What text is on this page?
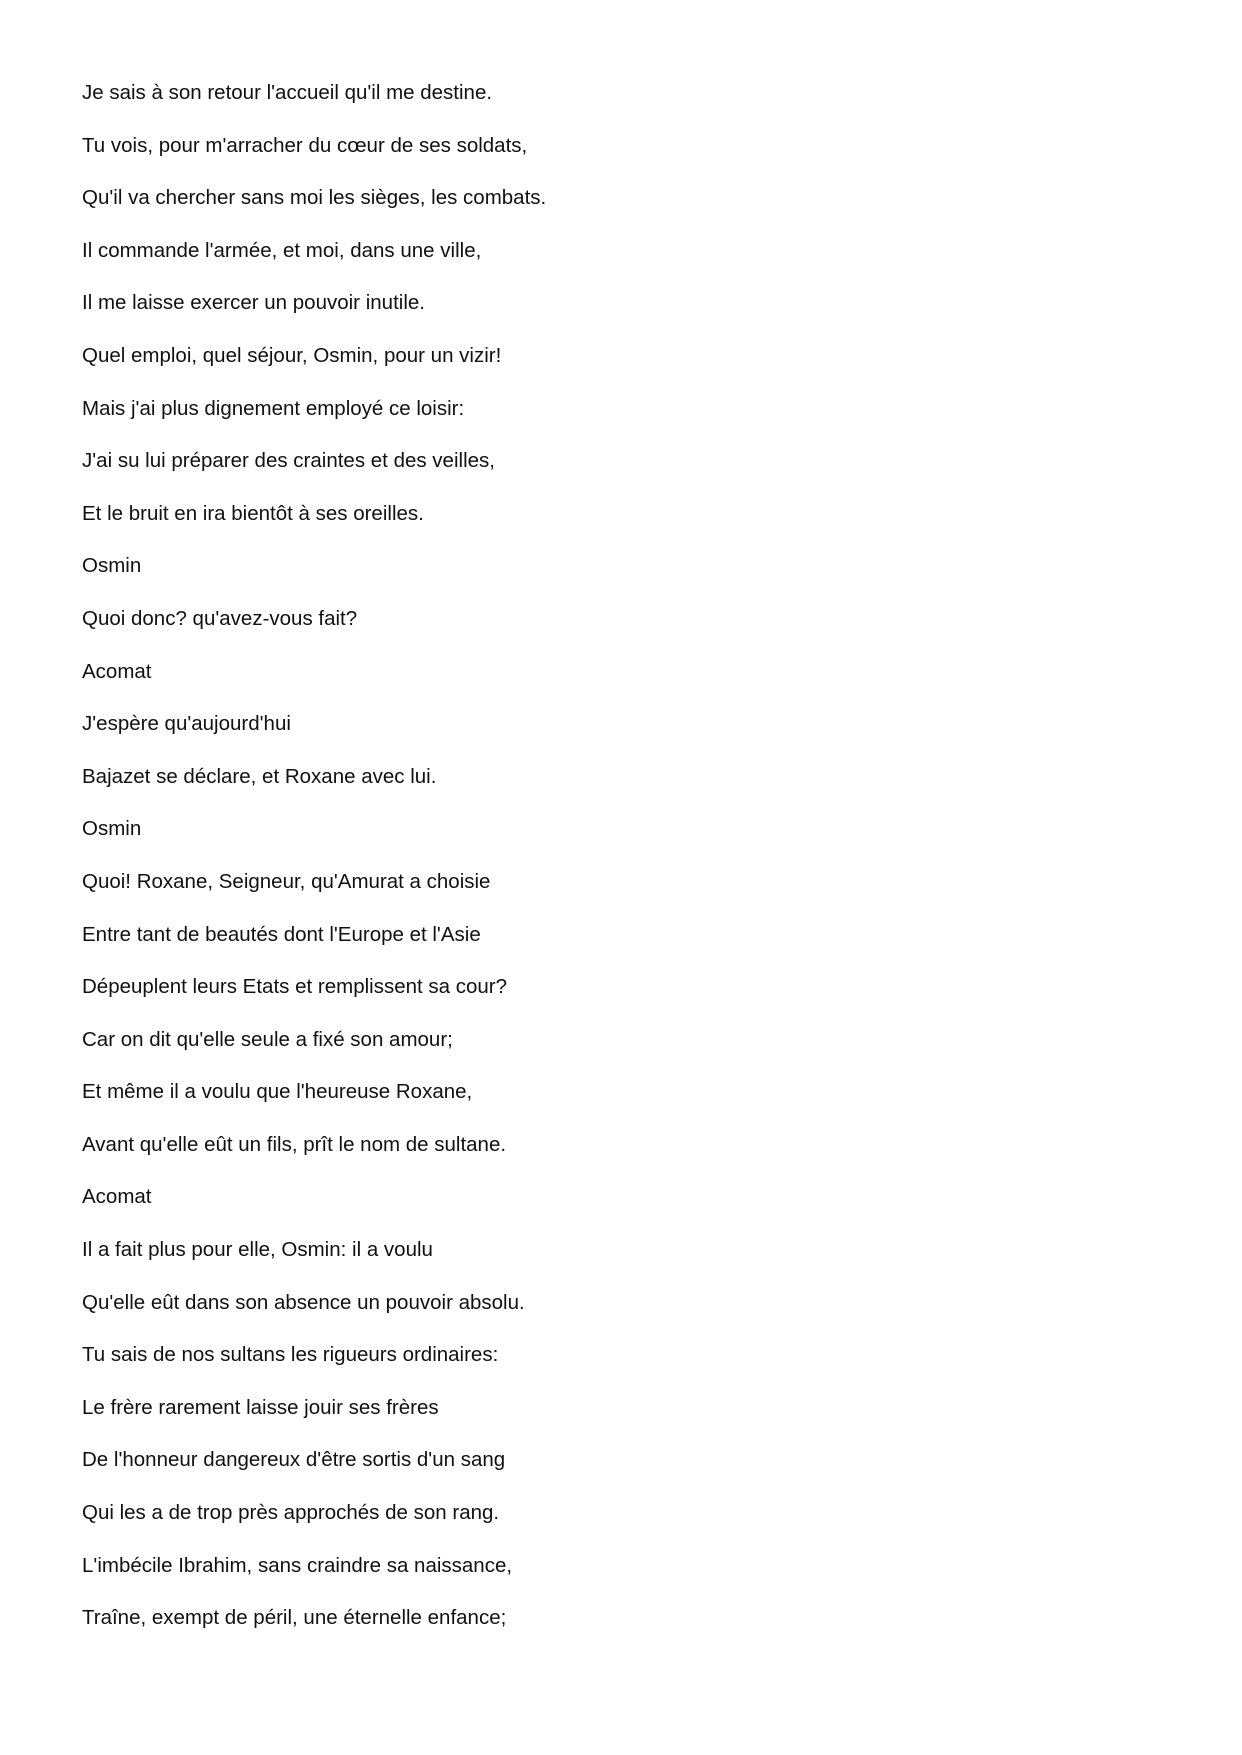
Je sais à son retour l'accueil qu'il me destine.
Tu vois, pour m'arracher du cœur de ses soldats,
Qu'il va chercher sans moi les sièges, les combats.
Il commande l'armée, et moi, dans une ville,
Il me laisse exercer un pouvoir inutile.
Quel emploi, quel séjour, Osmin, pour un vizir!
Mais j'ai plus dignement employé ce loisir:
J'ai su lui préparer des craintes et des veilles,
Et le bruit en ira bientôt à ses oreilles.
Osmin
Quoi donc? qu'avez-vous fait?
Acomat
J'espère qu'aujourd'hui
Bajazet se déclare, et Roxane avec lui.
Osmin
Quoi! Roxane, Seigneur, qu'Amurat a choisie
Entre tant de beautés dont l'Europe et l'Asie
Dépeuplent leurs Etats et remplissent sa cour?
Car on dit qu'elle seule a fixé son amour;
Et même il a voulu que l'heureuse Roxane,
Avant qu'elle eût un fils, prît le nom de sultane.
Acomat
Il a fait plus pour elle, Osmin: il a voulu
Qu'elle eût dans son absence un pouvoir absolu.
Tu sais de nos sultans les rigueurs ordinaires:
Le frère rarement laisse jouir ses frères
De l'honneur dangereux d'être sortis d'un sang
Qui les a de trop près approchés de son rang.
L'imbécile Ibrahim, sans craindre sa naissance,
Traîne, exempt de péril, une éternelle enfance;
